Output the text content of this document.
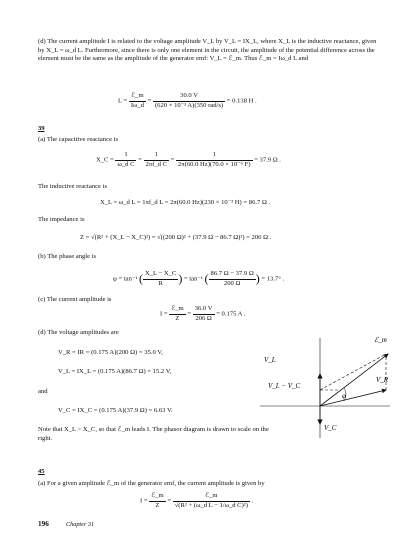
(d) The current amplitude I is related to the voltage amplitude V_L by V_L = IX_L, where X_L is the inductive reactance, given by X_L = ω_d L. Furthermore, since there is only one element in the circuit, the amplitude of the potential difference across the element must be the same as the amplitude of the generator emf: V_L = ℰ_m. Thus ℰ_m = Iω_d L and
$L = \frac{\text{ℰ\_m}}{I\omega\_d} = \frac{30.0 V}{\text{(620 × 10⁻³ A)(350 rad/s)}} = 0.138$ H .
39
(a) The capacitive reactance is
X_C = $\frac{1}{\text{ω\_d C}} = \frac{1}{\text{2πf\_d C}} = \frac{1}{\text{2π(60.0 Hz)(70.0 × 10⁻⁶ F)}} = 37.9$ Ω .
The inductive reactance is
X_L = ω_d L = 1πf_d L = 2π(60.0 Hz)(230 × 10⁻³ H) = 86.7 Ω .
The impedance is
Z = √(R² + (X_L − X_C)²) = √((200 Ω)² + (37.9 Ω − 86.7 Ω)²) = 206 Ω .
(b) The phase angle is
φ = tan⁻¹ ( $\frac{X\_L - X\_C}{R}$ ) = tan⁻¹ ( $\frac{86.7 \Omega - 37.9 \Omega}{200 \Omega}$ ) = 13.7° .
(c) The current amplitude is
$I = \frac{\text{ℰ\_m}}{Z} = \frac{36.0 V}{206 \Omega} = 0.175$ A .
(d) The voltage amplitudes are
V_R = IR = (0.175 A)(200 Ω) = 35.0 V,
V_L = IX_L = (0.175 A)(86.7 Ω) = 15.2 V,
and
V_C = IX_C = (0.175 A)(37.9 Ω) = 6.63 V.
Note that X_L > X_C, so that ℰ_m leads I. The phasor diagram is drawn to scale on the right.
ℰ_m
V_L
V_R
V_L − V_C
φ
V_C
45
(a) For a given amplitude ℰ_m of the generator emf, the current amplitude is given by
$I = \frac{\text{ℰ\_m}}{Z} = \frac{\text{ℰ\_m}}{\text{√(R² + (ω\_d L − 1/ω\_d C)²)}}$ .
196	Chapter 31
